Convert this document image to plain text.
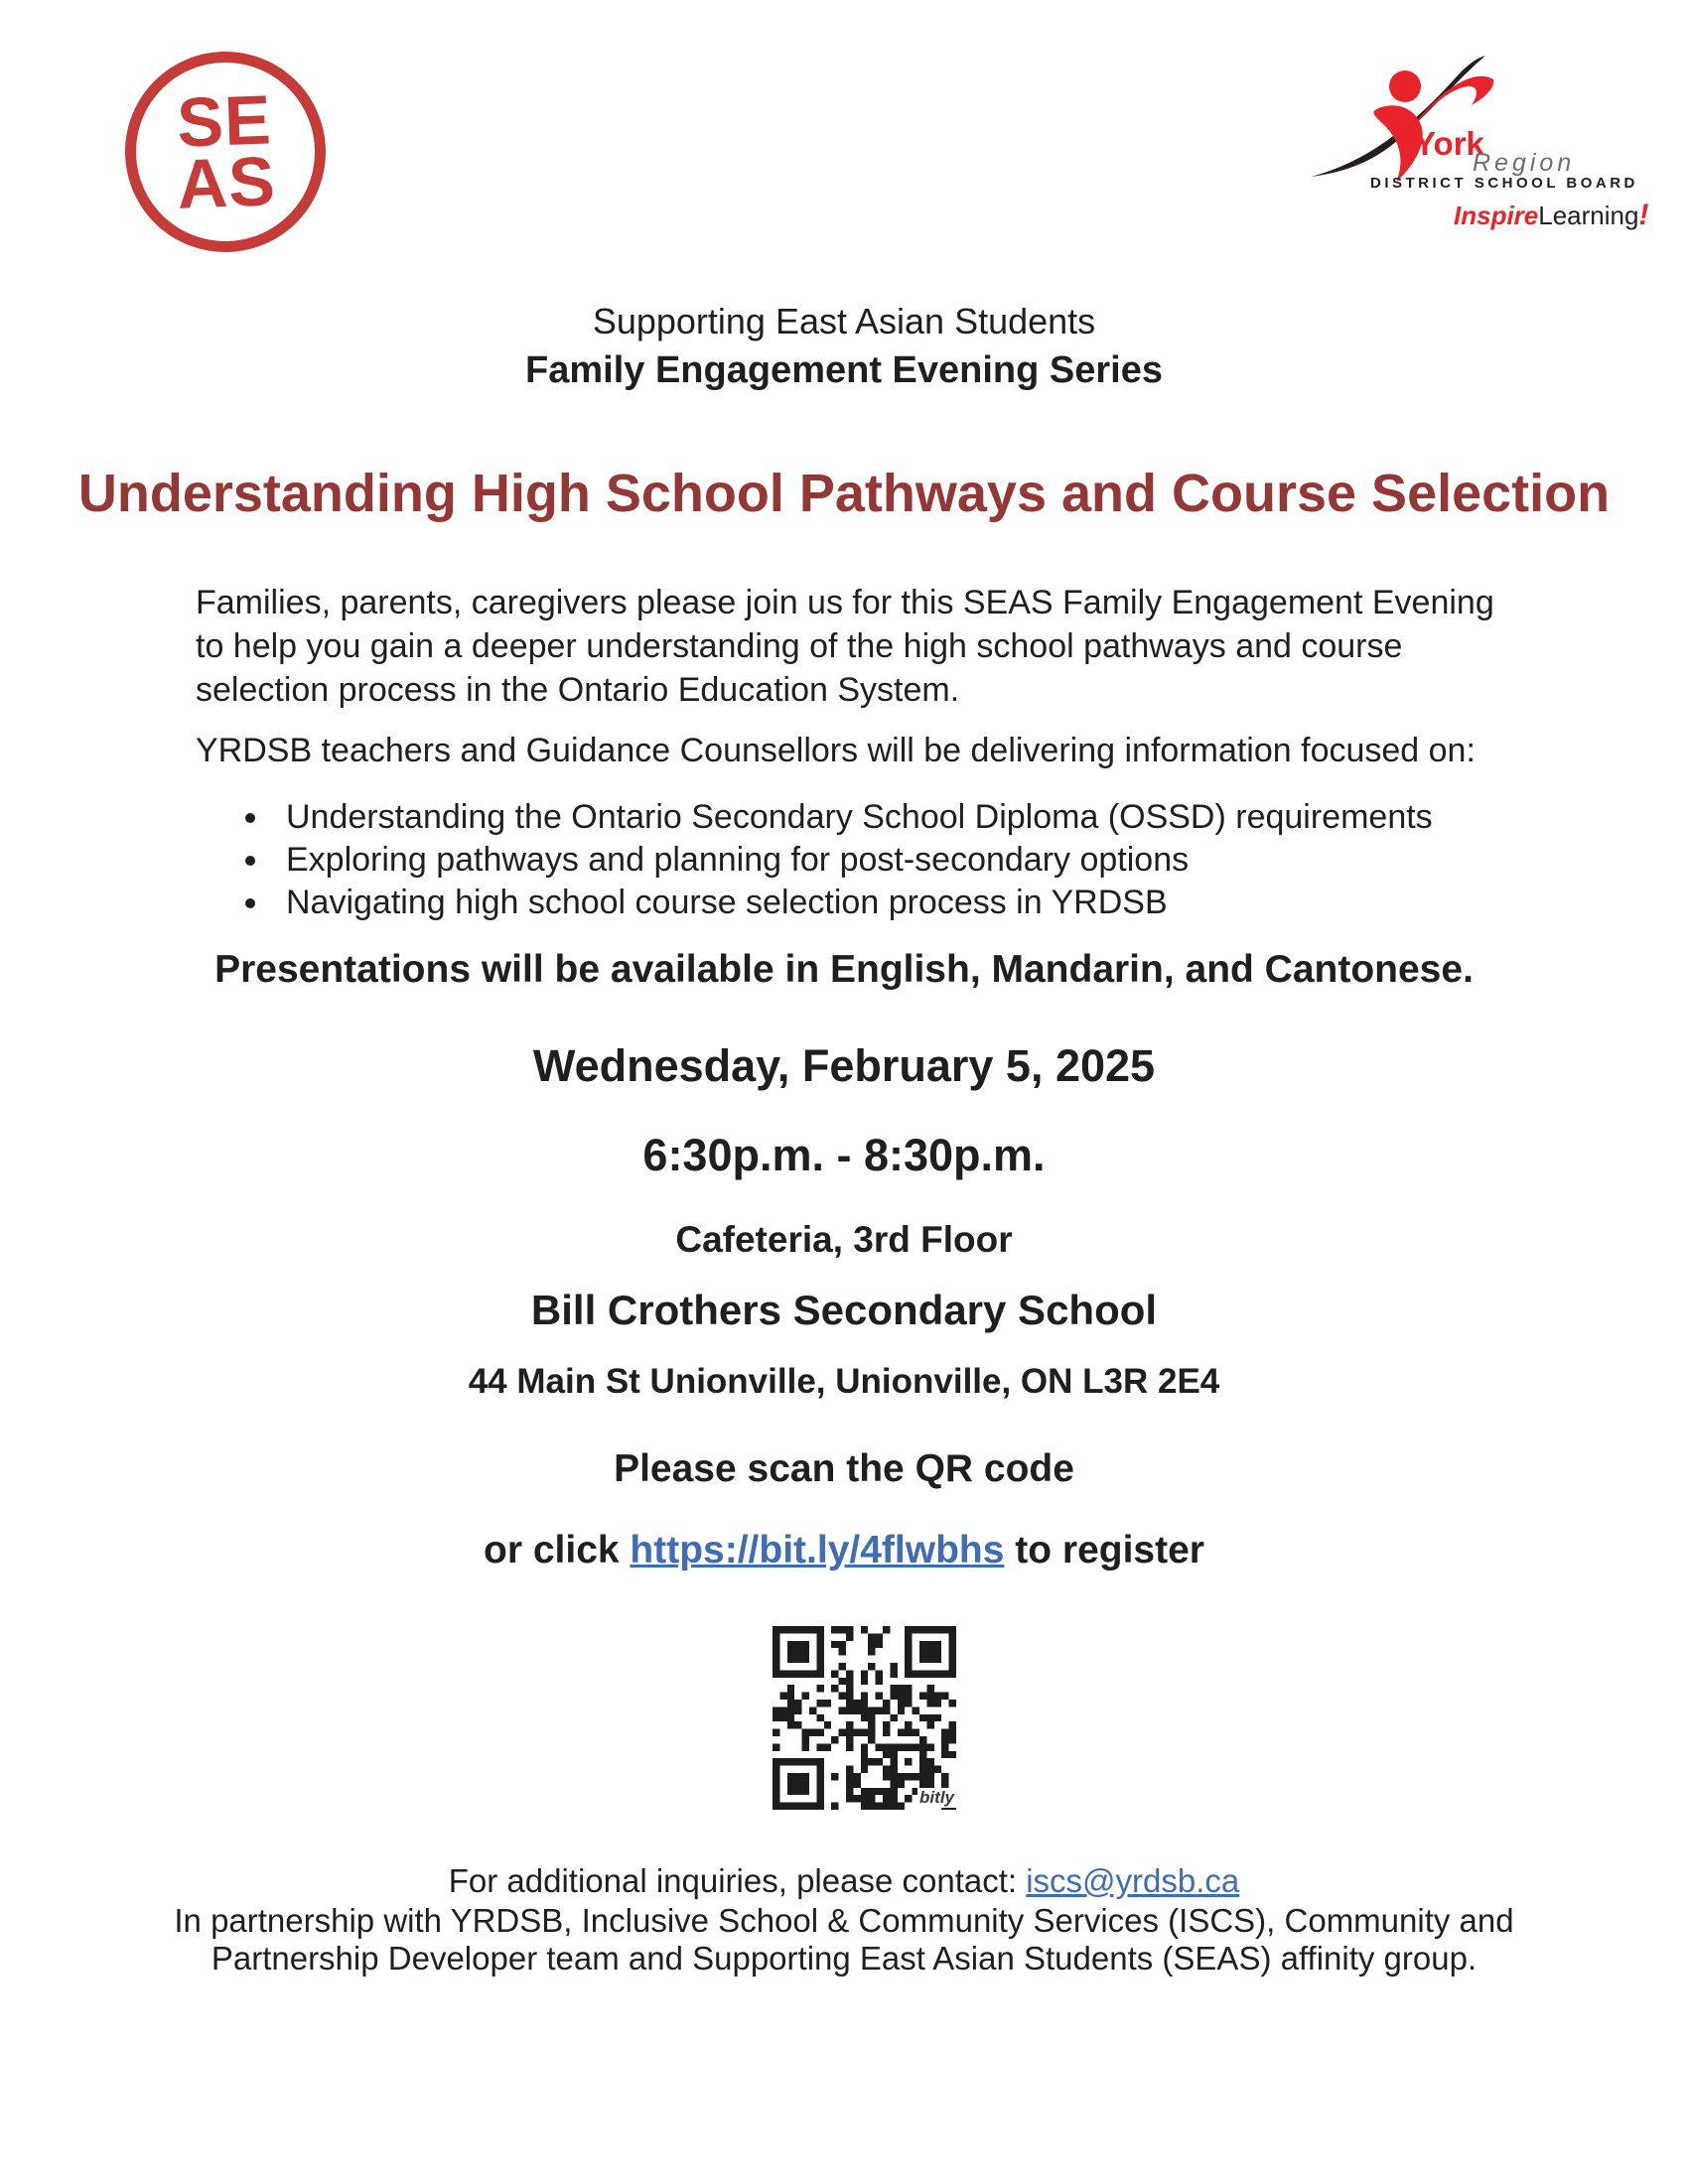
SE
AS	York
Region
DISTRICT SCHOOL BOARD
InspireLearning!
Supporting East Asian Students
Family Engagement Evening Series
Understanding High School Pathways and Course Selection
Families, parents, caregivers please join us for this SEAS Family Engagement Evening to help you gain a deeper understanding of the high school pathways and course selection process in the Ontario Education System.
YRDSB teachers and Guidance Counsellors will be delivering information focused on:
• Understanding the Ontario Secondary School Diploma (OSSD) requirements
• Exploring pathways and planning for post-secondary options
• Navigating high school course selection process in YRDSB
Presentations will be available in English, Mandarin, and Cantonese.
Wednesday, February 5, 2025
6:30p.m. - 8:30p.m.
Cafeteria, 3rd Floor
Bill Crothers Secondary School
44 Main St Unionville, Unionville, ON L3R 2E4
Please scan the QR code
or click https://bit.ly/4flwbhs to register
bitly
For additional inquiries, please contact: iscs@yrdsb.ca
In partnership with YRDSB, Inclusive School & Community Services (ISCS), Community and
Partnership Developer team and Supporting East Asian Students (SEAS) affinity group.
